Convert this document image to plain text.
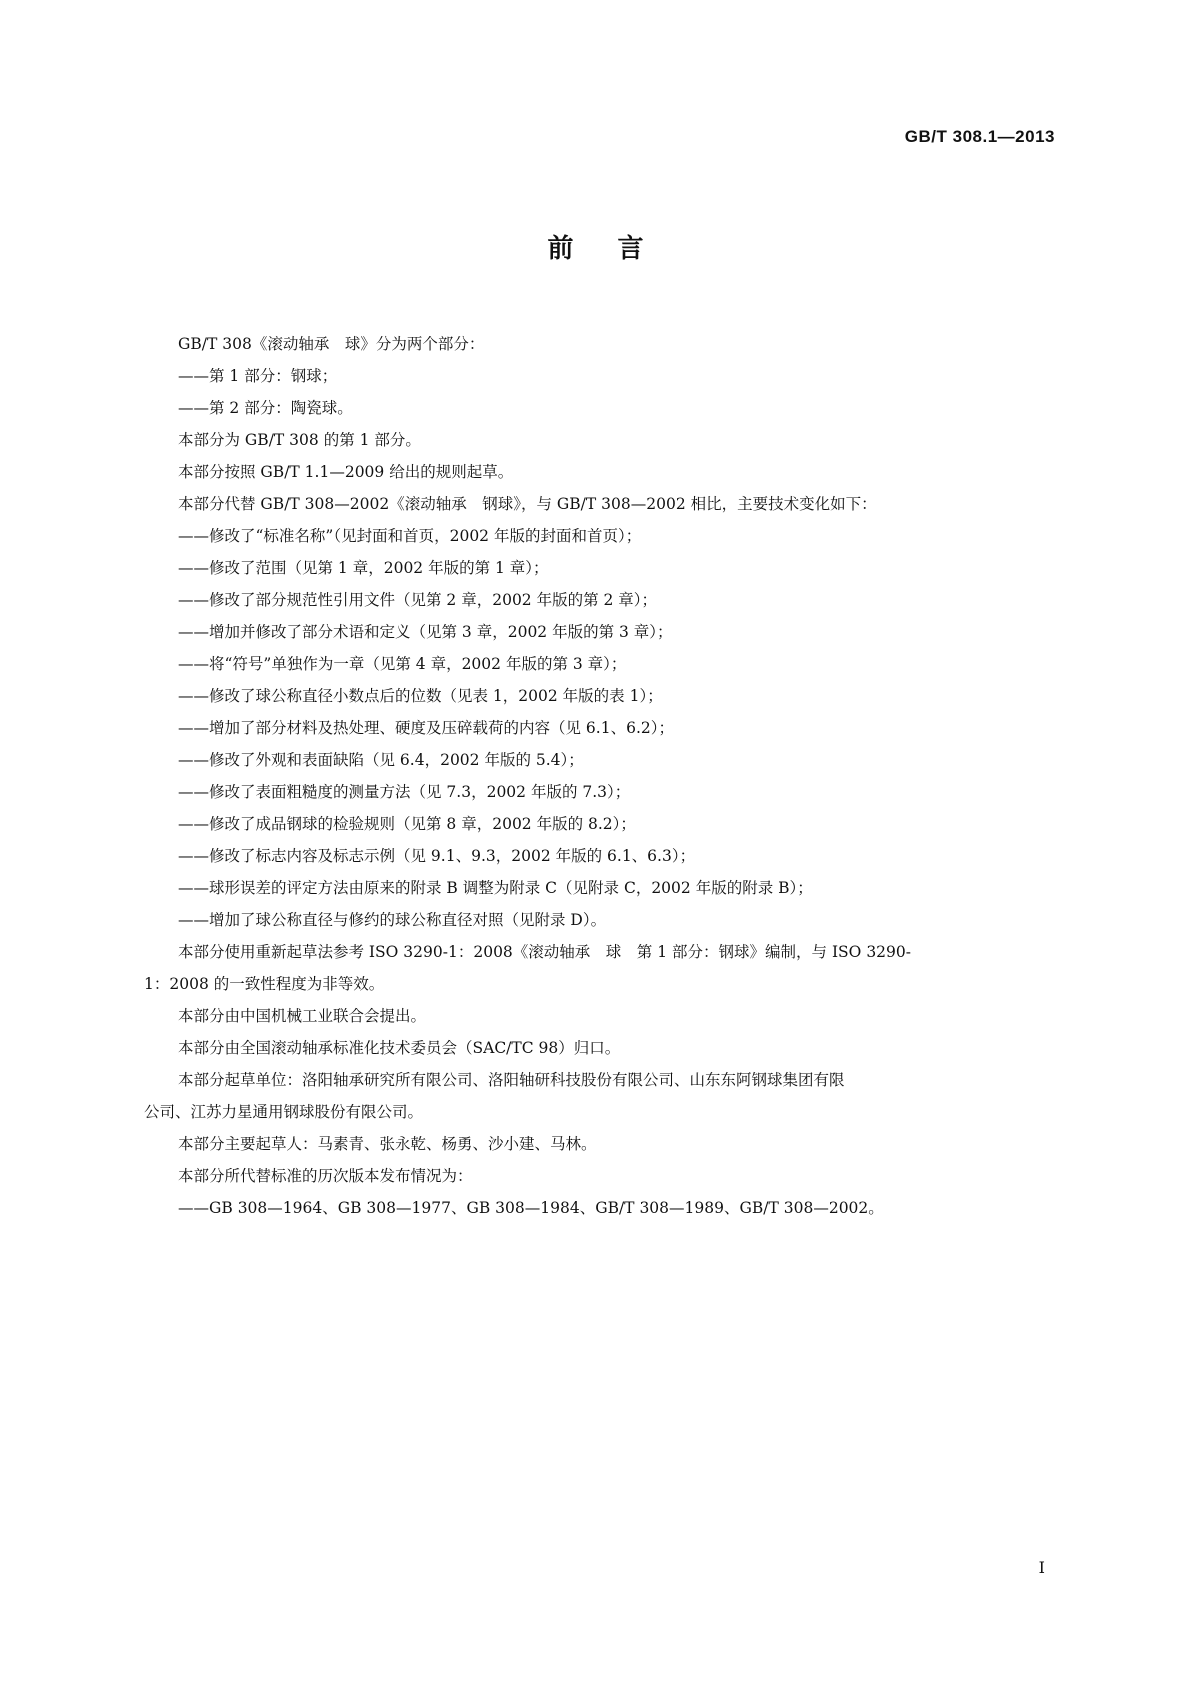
GB/T 308.1—2013
前言
GB/T 308《滚动轴承　球》分为两个部分：
——第 1 部分：钢球；
——第 2 部分：陶瓷球。
本部分为 GB/T 308 的第 1 部分。
本部分按照 GB/T 1.1—2009 给出的规则起草。
本部分代替 GB/T 308—2002《滚动轴承　钢球》，与 GB/T 308—2002 相比，主要技术变化如下：
——修改了“标准名称”（见封面和首页，2002 年版的封面和首页）；
——修改了范围（见第 1 章，2002 年版的第 1 章）；
——修改了部分规范性引用文件（见第 2 章，2002 年版的第 2 章）；
——增加并修改了部分术语和定义（见第 3 章，2002 年版的第 3 章）；
——将“符号”单独作为一章（见第 4 章，2002 年版的第 3 章）；
——修改了球公称直径小数点后的位数（见表 1，2002 年版的表 1）；
——增加了部分材料及热处理、硬度及压碎载荷的内容（见 6.1、6.2）；
——修改了外观和表面缺陷（见 6.4，2002 年版的 5.4）；
——修改了表面粗糙度的测量方法（见 7.3，2002 年版的 7.3）；
——修改了成品钢球的检验规则（见第 8 章，2002 年版的 8.2）；
——修改了标志内容及标志示例（见 9.1、9.3，2002 年版的 6.1、6.3）；
——球形误差的评定方法由原来的附录 B 调整为附录 C（见附录 C，2002 年版的附录 B）；
——增加了球公称直径与修约的球公称直径对照（见附录 D）。
本部分使用重新起草法参考 ISO 3290-1：2008《滚动轴承　球　第 1 部分：钢球》编制，与 ISO 3290-
1：2008 的一致性程度为非等效。
本部分由中国机械工业联合会提出。
本部分由全国滚动轴承标准化技术委员会（SAC/TC 98）归口。
本部分起草单位：洛阳轴承研究所有限公司、洛阳轴研科技股份有限公司、山东东阿钢球集团有限
公司、江苏力星通用钢球股份有限公司。
本部分主要起草人：马素青、张永乾、杨勇、沙小建、马林。
本部分所代替标准的历次版本发布情况为：
——GB 308—1964、GB 308—1977、GB 308—1984、GB/T 308—1989、GB/T 308—2002。
I
